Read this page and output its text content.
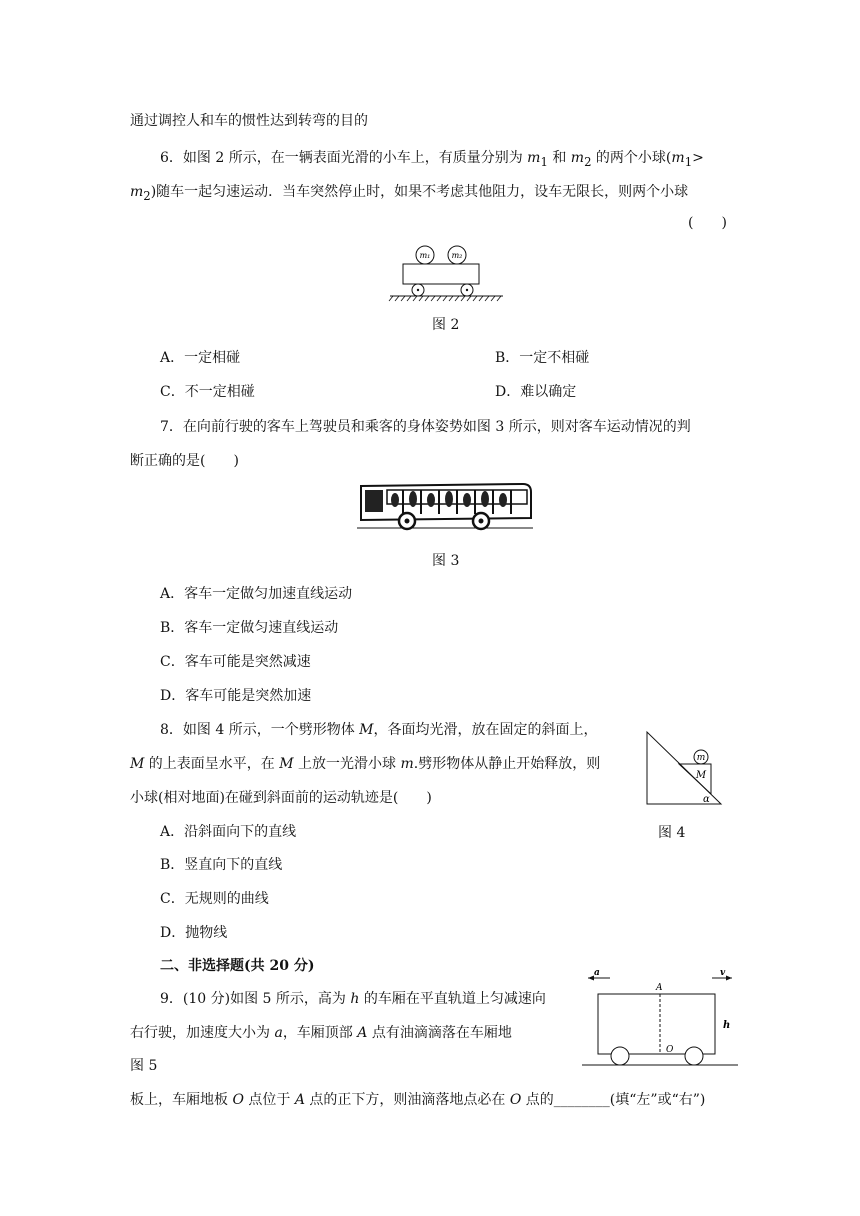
通过调控人和车的惯性达到转弯的目的
6．如图 2 所示，在一辆表面光滑的小车上，有质量分别为 $m_1$ 和 $m_2$ 的两个小球($m_1>$
$m_2$)随车一起匀速运动．当车突然停止时，如果不考虑其他阻力，设车无限长，则两个小球
(　　)
m₁	m₂
图 2
A．一定相碰	B．一定不相碰
C．不一定相碰	D．难以确定
7．在向前行驶的客车上驾驶员和乘客的身体姿势如图 3 所示，则对客车运动情况的判
断正确的是(　　)
图 3
A．客车一定做匀加速直线运动
B．客车一定做匀速直线运动
C．客车可能是突然减速
D．客车可能是突然加速
8．如图 4 所示，一个劈形物体 M，各面均光滑，放在固定的斜面上，
M 的上表面呈水平，在 M 上放一光滑小球 m.劈形物体从静止开始释放，则
小球(相对地面)在碰到斜面前的运动轨迹是(　　)
m
M
α
图 4
A．沿斜面向下的直线
B．竖直向下的直线
C．无规则的曲线
D．抛物线
二、非选择题(共 20 分)
9．(10 分)如图 5 所示，高为 h 的车厢在平直轨道上匀减速向
右行驶，加速度大小为 a，车厢顶部 A 点有油滴滴落在车厢地
图 5
板上，车厢地板 O 点位于 A 点的正下方，则油滴落地点必在 O 点的________(填“左”或“右”)
a	v
A
h
O
